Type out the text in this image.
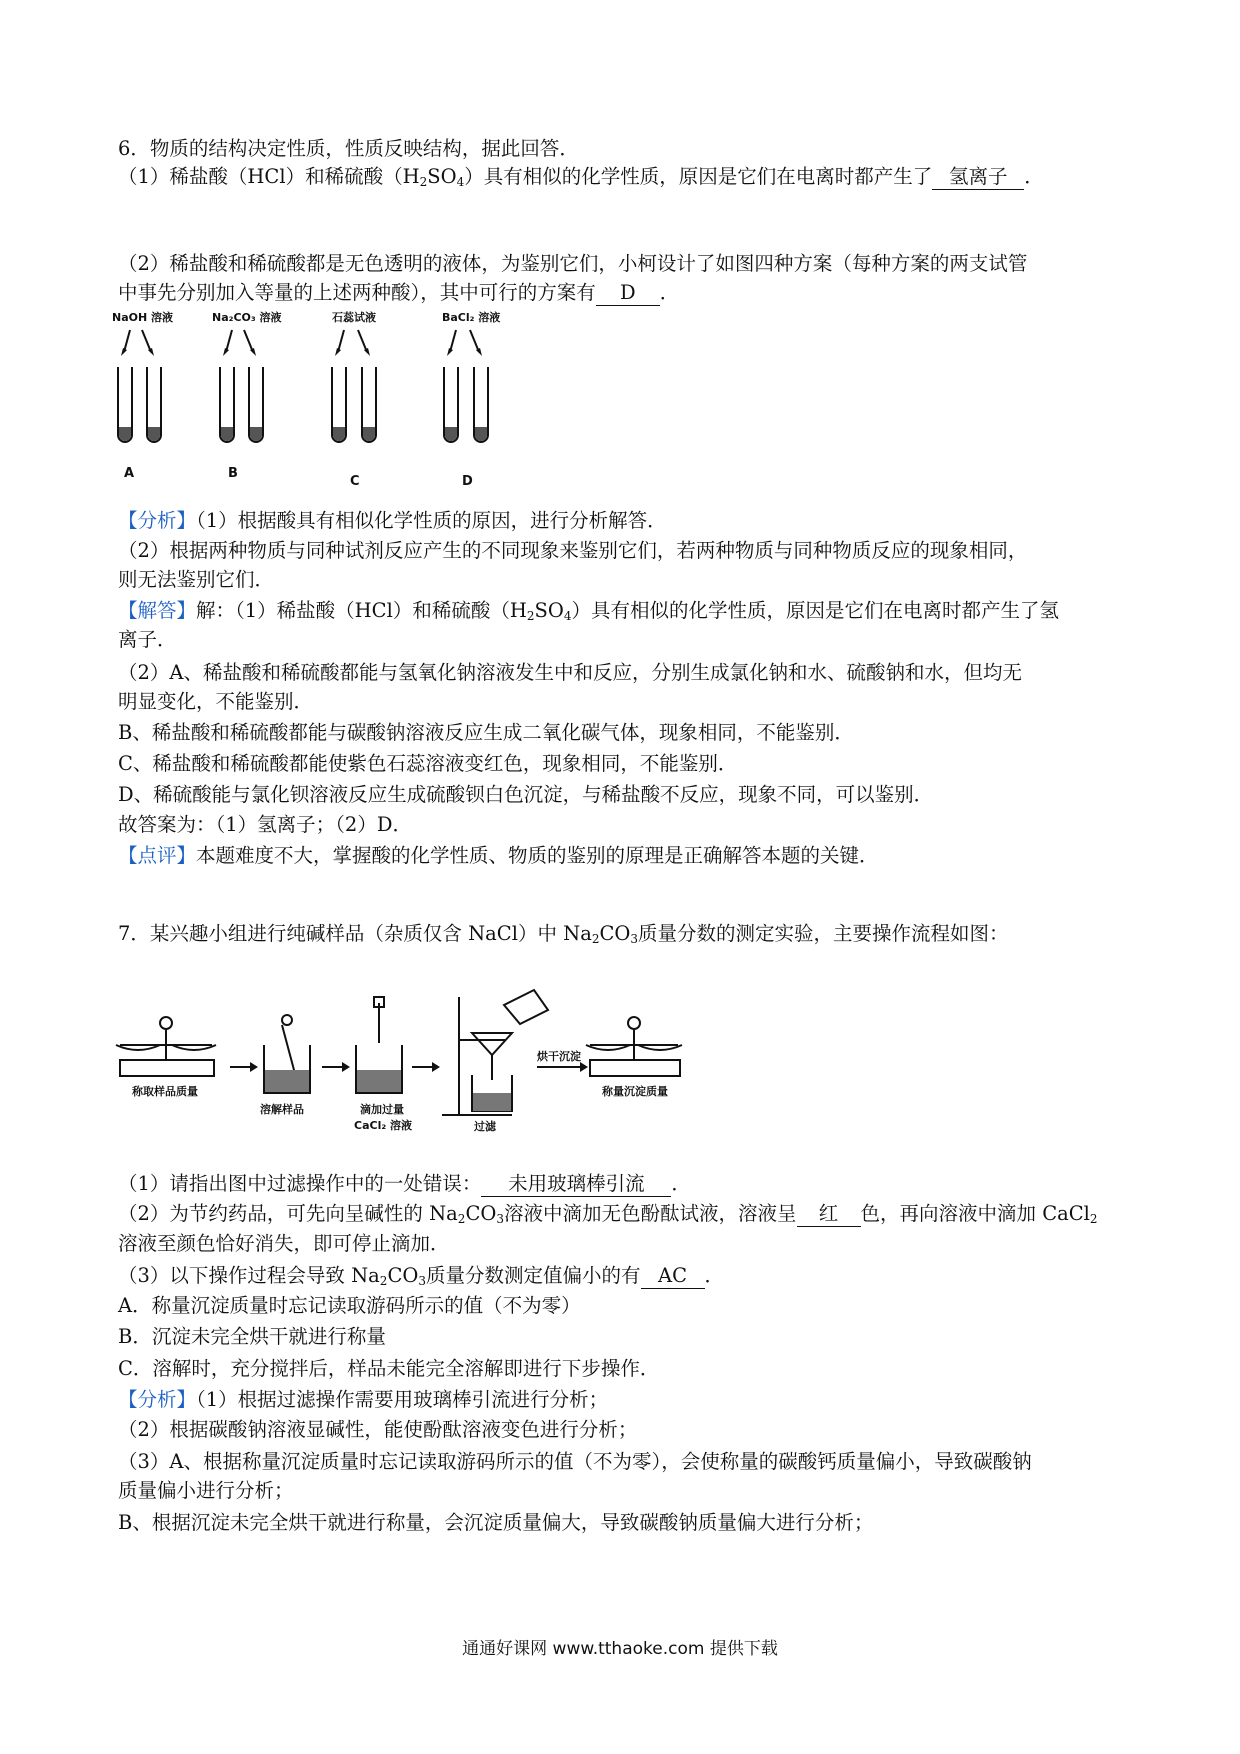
6．物质的结构决定性质，性质反映结构，据此回答．
（1）稀盐酸（HCl）和稀硫酸$(H_2SO_4)$具有相似的化学性质，原因是它们在电离时都产生了 氢离子 ．
（2）稀盐酸和稀硫酸都是无色透明的液体，为鉴别它们，小柯设计了如图四种方案（每种方案的两支试管
中事先分别加入等量的上述两种酸），其中可行的方案有 D ．
NaOH 溶液	Na₂CO₃ 溶液	石蕊试液	BaCl₂ 溶液
A	B
C	D
【分析】（1）根据酸具有相似化学性质的原因，进行分析解答．
（2）根据两种物质与同种试剂反应产生的不同现象来鉴别它们，若两种物质与同种物质反应的现象相同，
则无法鉴别它们．
【解答】解：（1）稀盐酸（HCl）和稀硫酸$(H_2SO_4)$具有相似的化学性质，原因是它们在电离时都产生了氢
离子．
（2）A、稀盐酸和稀硫酸都能与氢氧化钠溶液发生中和反应，分别生成氯化钠和水、硫酸钠和水，但均无
明显变化，不能鉴别．
B、稀盐酸和稀硫酸都能与碳酸钠溶液反应生成二氧化碳气体，现象相同，不能鉴别．
C、稀盐酸和稀硫酸都能使紫色石蕊溶液变红色，现象相同，不能鉴别．
D、稀硫酸能与氯化钡溶液反应生成硫酸钡白色沉淀，与稀盐酸不反应，现象不同，可以鉴别．
故答案为：（1）氢离子；（2）D．
【点评】本题难度不大，掌握酸的化学性质、物质的鉴别的原理是正确解答本题的关键．
7．某兴趣小组进行纯碱样品（杂质仅含 NaCl）中 $Na_2CO_3$质量分数的测定实验，主要操作流程如图：
称取样品质量
溶解样品	滴加过量
CaCl₂ 溶液	过滤
称量沉淀质量
烘干沉淀
（1）请指出图中过滤操作中的一处错误： 未用玻璃棒引流 ．
（2）为节约药品，可先向呈碱性的 $Na_2CO_3$溶液中滴加无色酚酞试液，溶液呈 红 色，再向溶液中滴加 CaCl$_2$
溶液至颜色恰好消失，即可停止滴加．
（3）以下操作过程会导致 $Na_2CO_3$质量分数测定值偏小的有 AC ．
A．称量沉淀质量时忘记读取游码所示的值（不为零）
B．沉淀未完全烘干就进行称量
C．溶解时，充分搅拌后，样品未能完全溶解即进行下步操作．
【分析】（1）根据过滤操作需要用玻璃棒引流进行分析；
（2）根据碳酸钠溶液显碱性，能使酚酞溶液变色进行分析；
（3）A、根据称量沉淀质量时忘记读取游码所示的值（不为零），会使称量的碳酸钙质量偏小，导致碳酸钠
质量偏小进行分析；
B、根据沉淀未完全烘干就进行称量，会沉淀质量偏大，导致碳酸钠质量偏大进行分析；
通通好课网 www.tthaoke.com 提供下载
